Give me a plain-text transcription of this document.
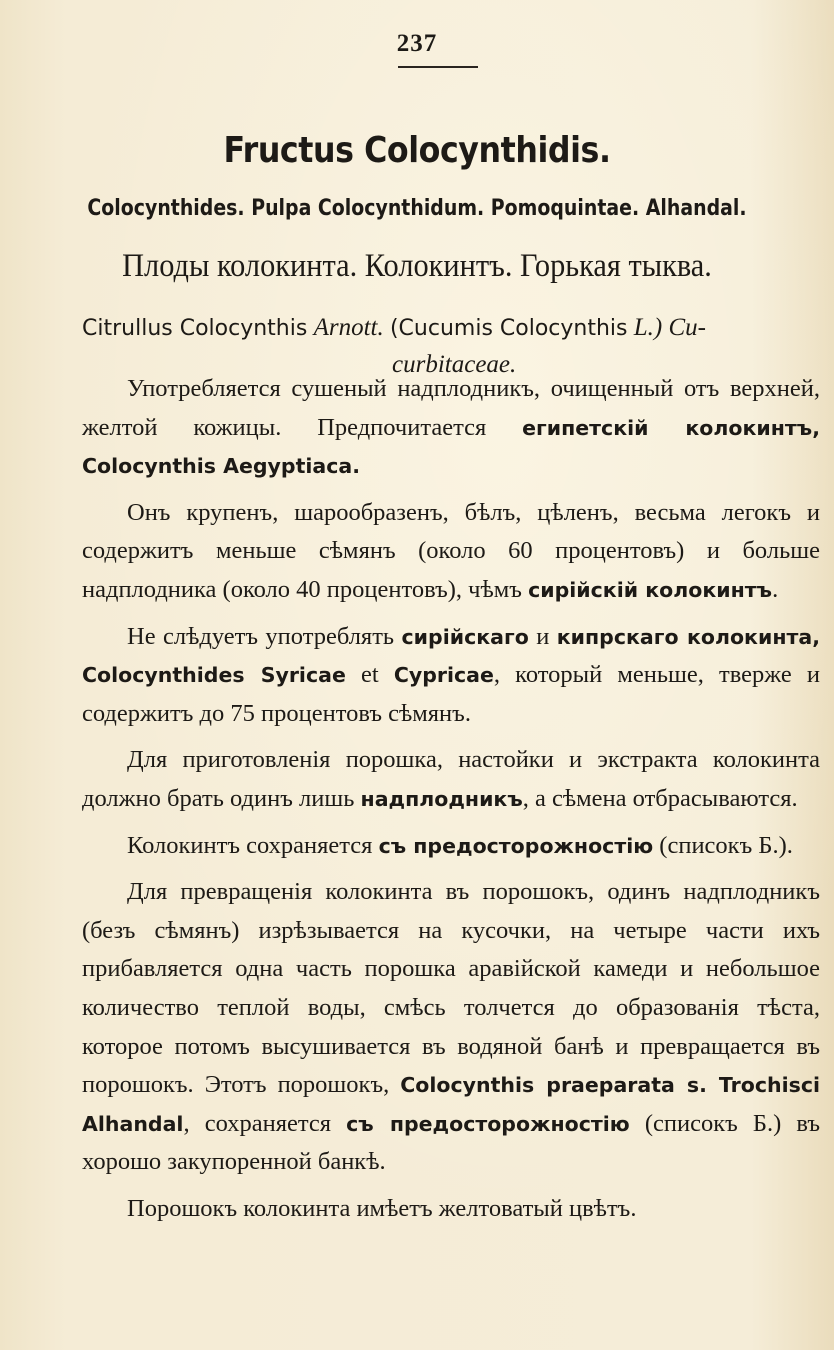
237
Fructus Colocynthidis.
Colocynthides. Pulpa Colocynthidum. Pomoquintae. Alhandal.
Плоды колокинта. Колокинтъ. Горькая тыква.
Citrullus Colocynthis Arnott. (Cucumis Colocynthis L.) Cu-
curbitaceae.

Употребляется сушеный надплодникъ, очищенный отъ верхней, желтой кожицы. Предпочитается египетскій колокинтъ, Colocynthis Aegyptiaca.

Онъ крупенъ, шарообразенъ, бѣлъ, цѣленъ, весьма легокъ и содержитъ меньше сѣмянъ (около 60 процентовъ) и больше надплодника (около 40 процентовъ), чѣмъ сирійскій колокинтъ.

Не слѣдуетъ употреблять сирійскаго и кипрскаго колокинта, Colocynthides Syricae et Cypricae, который меньше, тверже и содержитъ до 75 процентовъ сѣмянъ.

Для приготовленія порошка, настойки и экстракта колокинта должно брать одинъ лишь надплодникъ, а сѣмена отбрасываются.

Колокинтъ сохраняется съ предосторожностію (списокъ Б.).

Для превращенія колокинта въ порошокъ, одинъ надплодникъ (безъ сѣмянъ) изрѣзывается на кусочки, на четыре части ихъ прибавляется одна часть порошка аравійской камеди и небольшое количество теплой воды, смѣсь толчется до образованія тѣста, которое потомъ высушивается въ водяной банѣ и превращается въ порошокъ. Этотъ порошокъ, Colocynthis praeparata s. Trochisci Alhandal, сохраняется съ предосторожностію (списокъ Б.) въ хорошо закупоренной банкѣ.

Порошокъ колокинта имѣетъ желтоватый цвѣтъ.
